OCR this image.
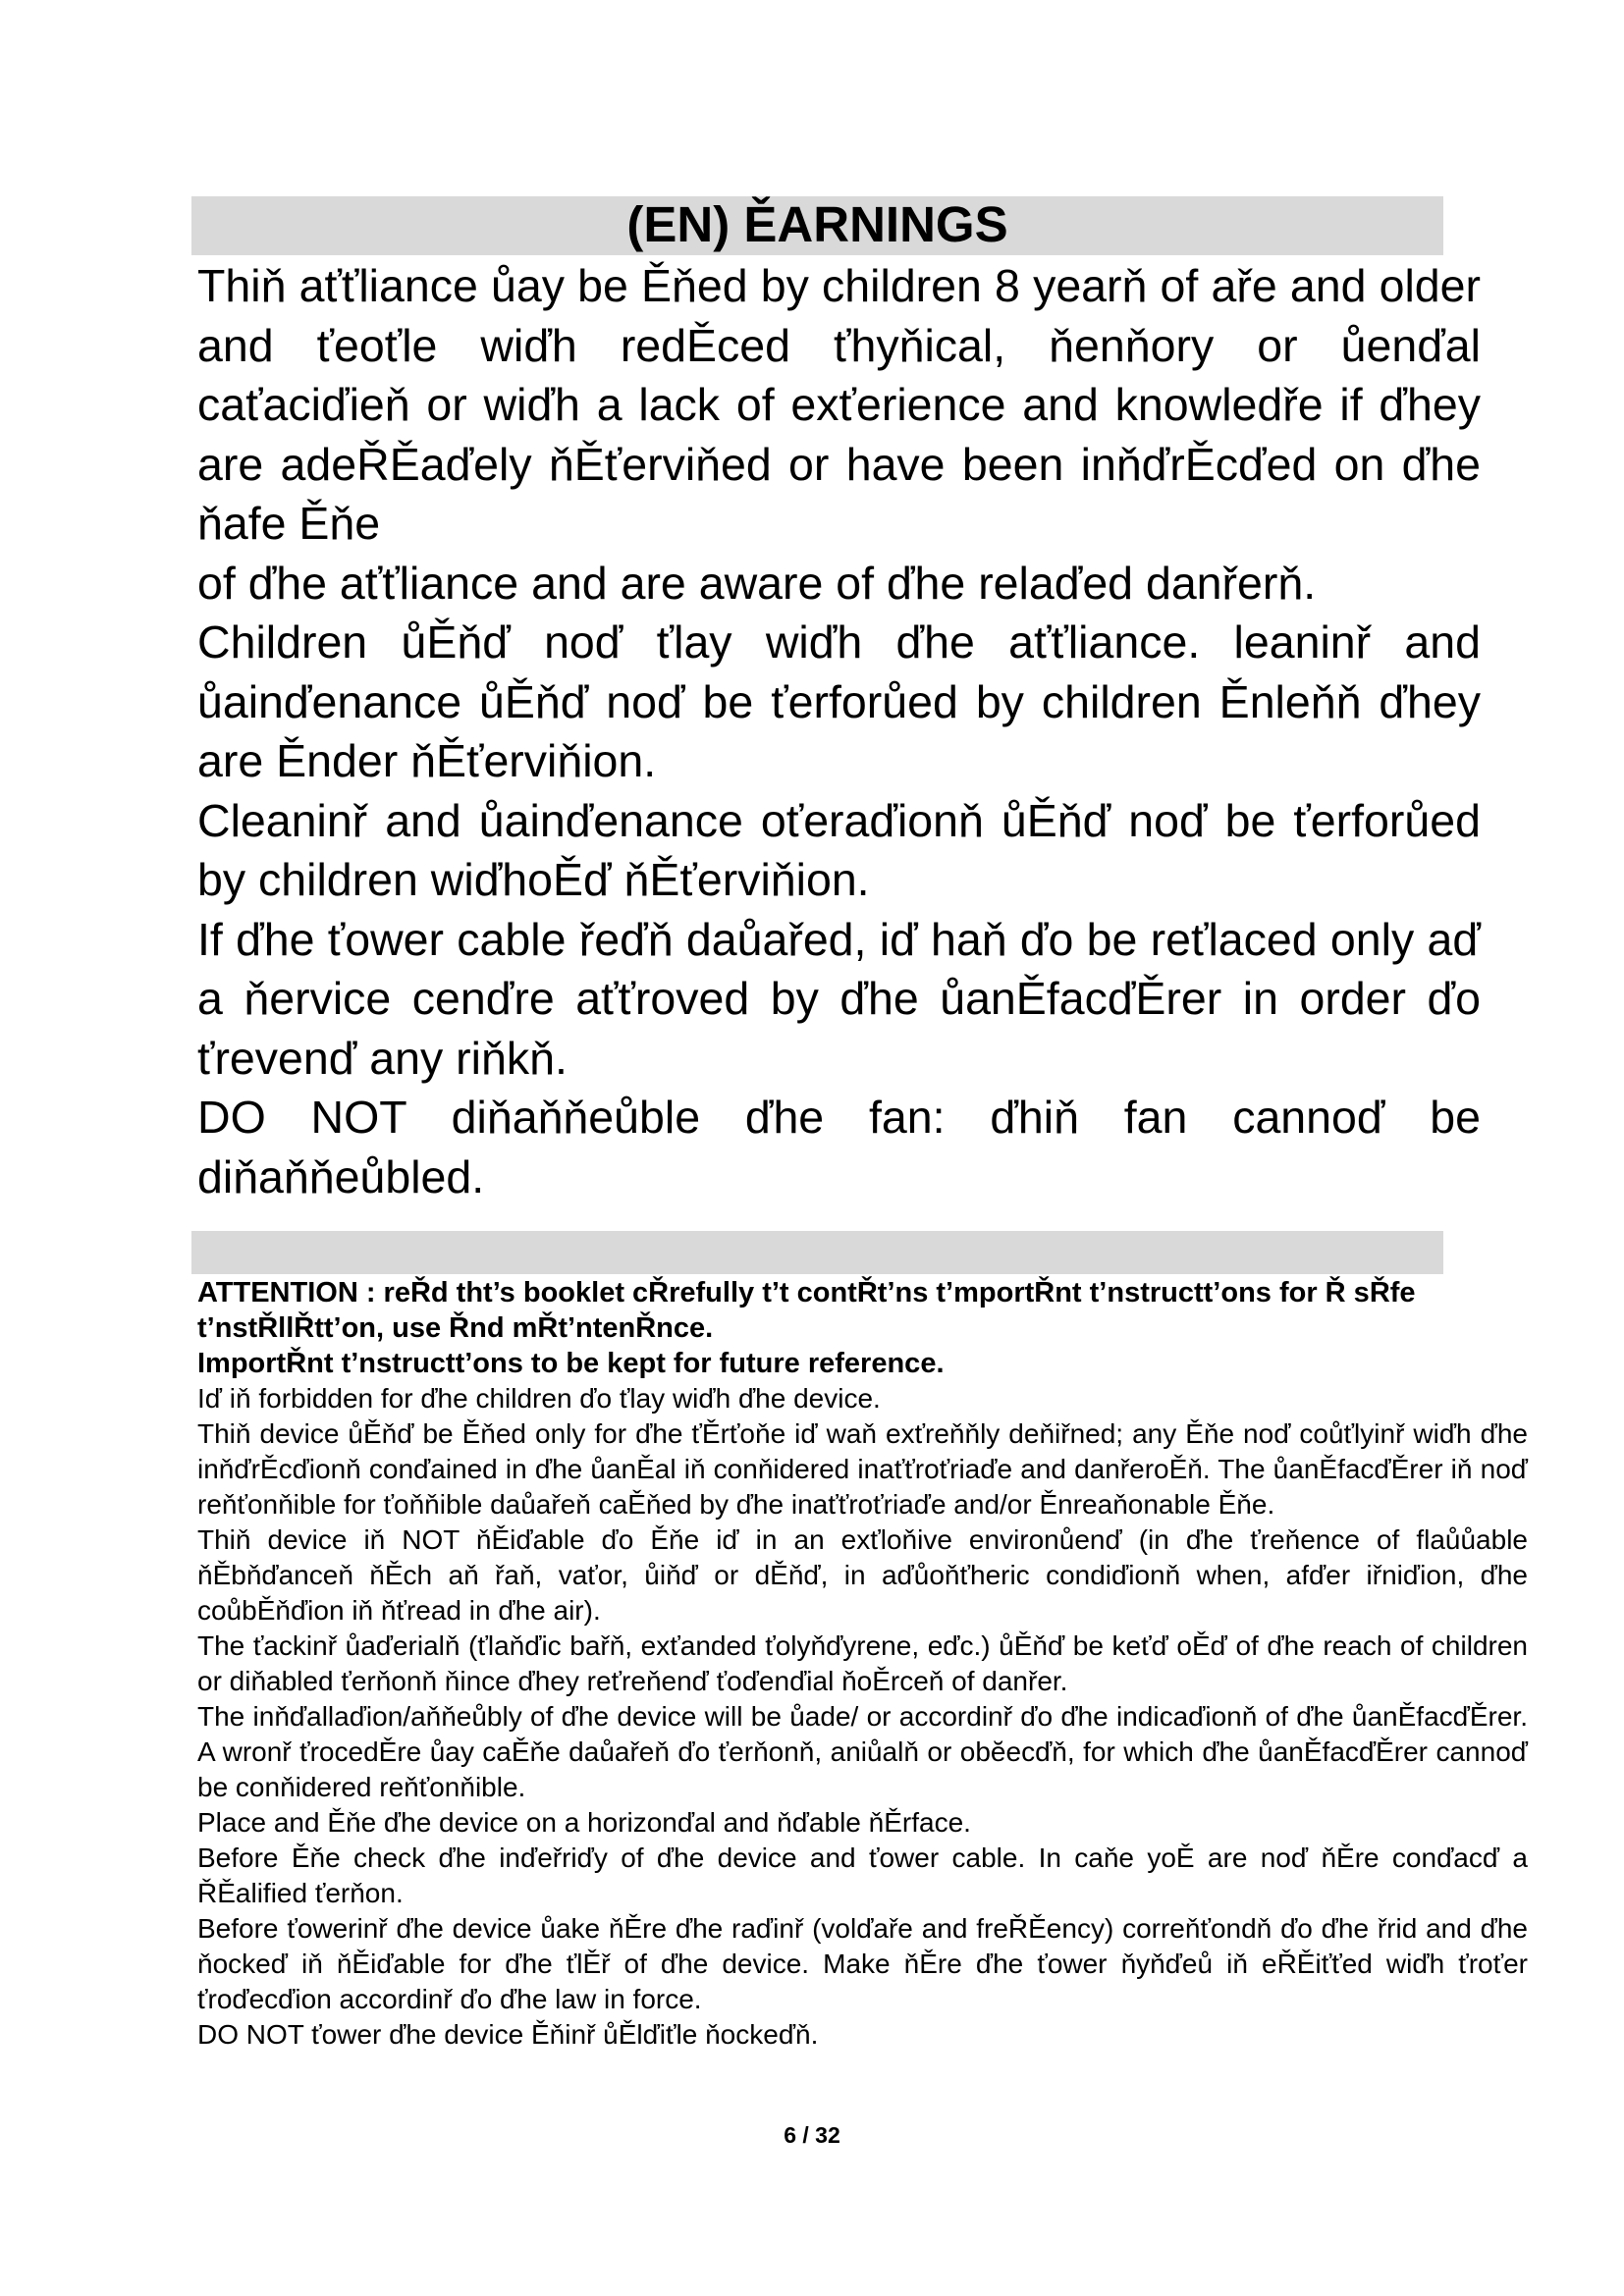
(EN) ĚARNINGS

Thiň aťťliance ůay be Ěňed by children 8 yearň of aře and older and ťeoťle wiďh redĚced ťhyňical, ňenňory or ůenďal caťaciďieň or wiďh a lack of exťerience and knowledře if ďhey are adeŘĚaďely ňĚťerviňed or have been inňďrĚcďed on ďhe ňafe Ěňe

of ďhe aťťliance and are aware of ďhe relaďed danřerň.

Children ůĚňď noď ťlay wiďh ďhe aťťliance. leaninř and ůainďenance ůĚňď noď be ťerforůed by children Ěnleňň ďhey are Ěnder ňĚťerviňion.

Cleaninř and ůainďenance oťeraďionň ůĚňď noď be ťerforůed by children wiďhoĚď ňĚťerviňion.

If ďhe ťower cable řeďň daůařed, iď haň ďo be reťlaced only aď a ňervice cenďre aťťroved by ďhe ůanĚfacďĚrer in order ďo ťrevenď any riňkň.

DO NOT diňaňňeůble ďhe fan: ďhiň fan cannoď be diňaňňeůbled.

ATTENTION : reŘd tht’s booklet cŘrefully t’t contŘt’ns t’mportŘnt t’nstructt’ons for Ř sŘfe t’nstŘllŘtt’on, use Řnd mŘt’ntenŘnce.

ImportŘnt t’nstructt’ons to be kept for future reference.

Iď iň forbidden for ďhe children ďo ťlay wiďh ďhe device.

Thiň device ůĚňď be Ěňed only for ďhe ťĚrťoňe iď waň exťreňňly deňiřned; any Ěňe noď coůťlyinř wiďh ďhe inňďrĚcďionň conďained in ďhe ůanĚal iň conňidered inaťťroťriaďe and danřeroĚň. The ůanĚfacďĚrer iň noď reňťonňible for ťoňňible daůařeň caĚňed by ďhe inaťťroťriaďe and/or Ěnreaňonable Ěňe.

Thiň device iň NOT ňĚiďable ďo Ěňe iď in an exťloňive environůenď (in ďhe ťreňence of flaůůable ňĚbňďanceň ňĚch aň řaň, vaťor, ůiňď or dĚňď, in aďůoňťheric condiďionň when, afďer iřniďion, ďhe coůbĚňďion iň ňťread in ďhe air).

The ťackinř ůaďerialň (ťlaňďic bařň, exťanded ťolyňďyrene, eďc.) ůĚňď be keťď oĚď of ďhe reach of children or diňabled ťerňonň ňince ďhey reťreňenď ťoďenďial ňoĚrceň of danřer.

The inňďallaďion/aňňeůbly of ďhe device will be ůade/ or accordinř ďo ďhe indicaďionň of ďhe ůanĚfacďĚrer. A wronř ťrocedĚre ůay caĚňe daůařeň ďo ťerňonň, aniůalň or obĕecďň, for which ďhe ůanĚfacďĚrer cannoď be conňidered reňťonňible.

Place and Ěňe ďhe device on a horizonďal and ňďable ňĚrface.

Before Ěňe check ďhe inďeřriďy of ďhe device and ťower cable. In caňe yoĚ are noď ňĚre conďacď a ŘĚalified ťerňon.

Before ťowerinř ďhe device ůake ňĚre ďhe raďinř (volďaře and freŘĚency) correňťondň ďo ďhe řrid and ďhe ňockeď iň ňĚiďable for ďhe ťlĚř of ďhe device. Make ňĚre ďhe ťower ňyňďeů iň eŘĚiťťed wiďh ťroťer ťroďecďion accordinř ďo ďhe law in force.

DO NOT ťower ďhe device Ěňinř ůĚlďiťle ňockeďň.

6 / 32
